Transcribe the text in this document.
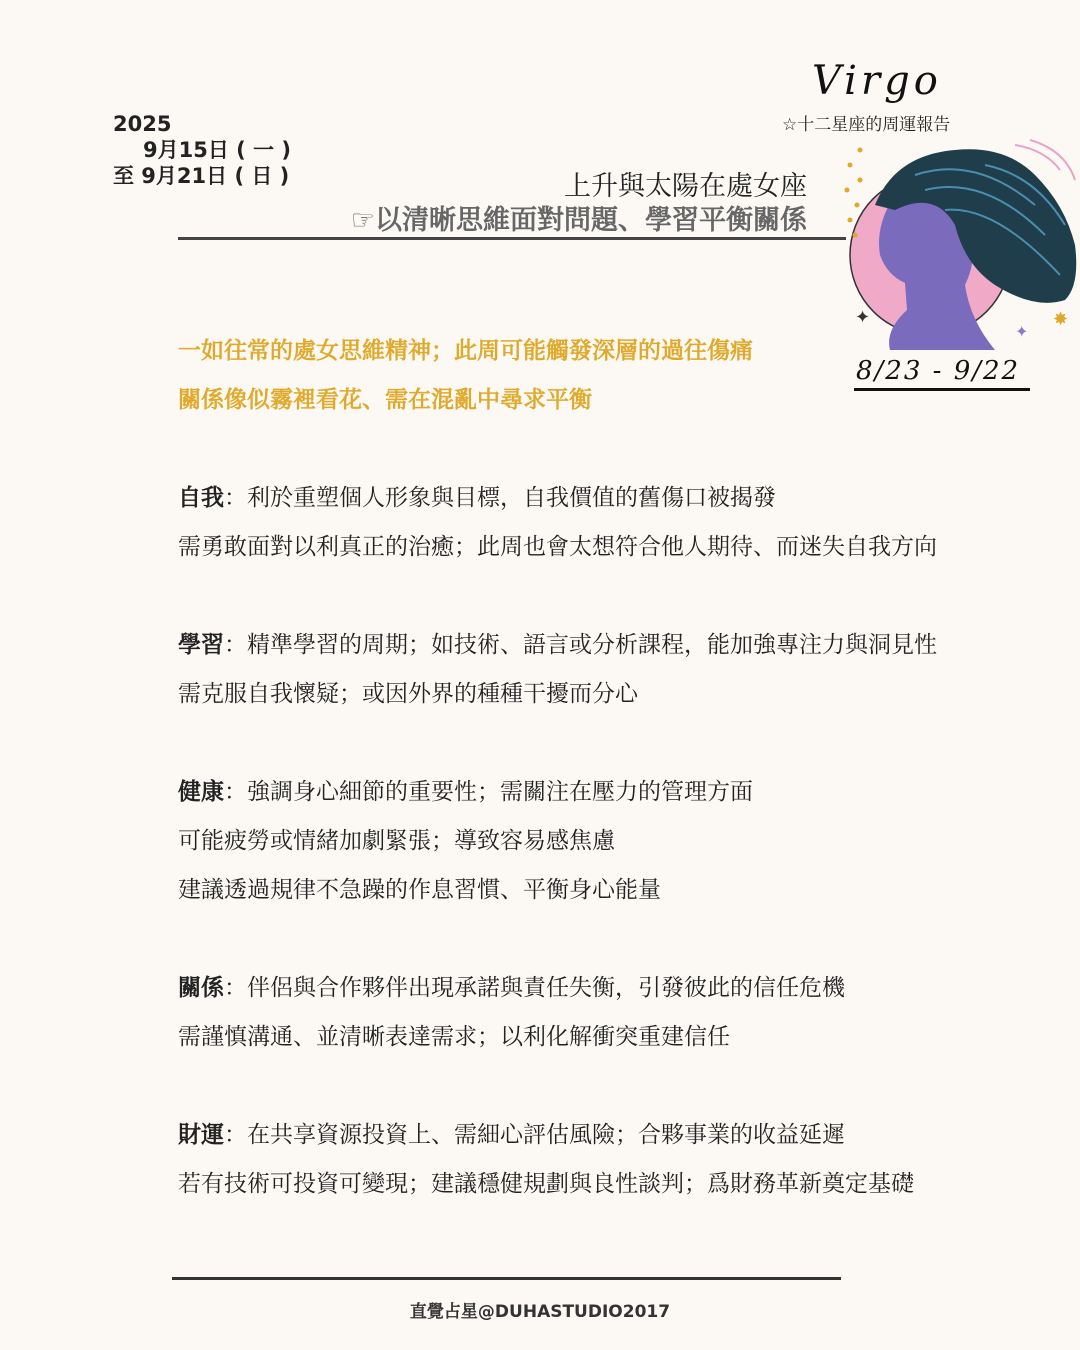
2025
9月15日 ( 一 )
至 9月21日 ( 日 )	上升與太陽在處女座
☞以清晰思維面對問題、學習平衡關係
Virgo
☆十二星座的周運報告
✦
✦
✸
8/23 - 9/22
一如往常的處女思維精神；此周可能觸發深層的過往傷痛
關係像似霧裡看花、需在混亂中尋求平衡
自我：利於重塑個人形象與目標，自我價值的舊傷口被揭發
需勇敢面對以利真正的治癒；此周也會太想符合他人期待、而迷失自我方向
學習：精準學習的周期；如技術、語言或分析課程，能加強專注力與洞見性
需克服自我懷疑；或因外界的種種干擾而分心
健康：強調身心細節的重要性；需關注在壓力的管理方面
可能疲勞或情緒加劇緊張；導致容易感焦慮
建議透過規律不急躁的作息習慣、平衡身心能量
關係：伴侶與合作夥伴出現承諾與責任失衡，引發彼此的信任危機
需謹慎溝通、並清晰表達需求；以利化解衝突重建信任
財運：在共享資源投資上、需細心評估風險；合夥事業的收益延遲
若有技術可投資可變現；建議穩健規劃與良性談判；爲財務革新奠定基礎
直覺占星@DUHASTUDIO2017
